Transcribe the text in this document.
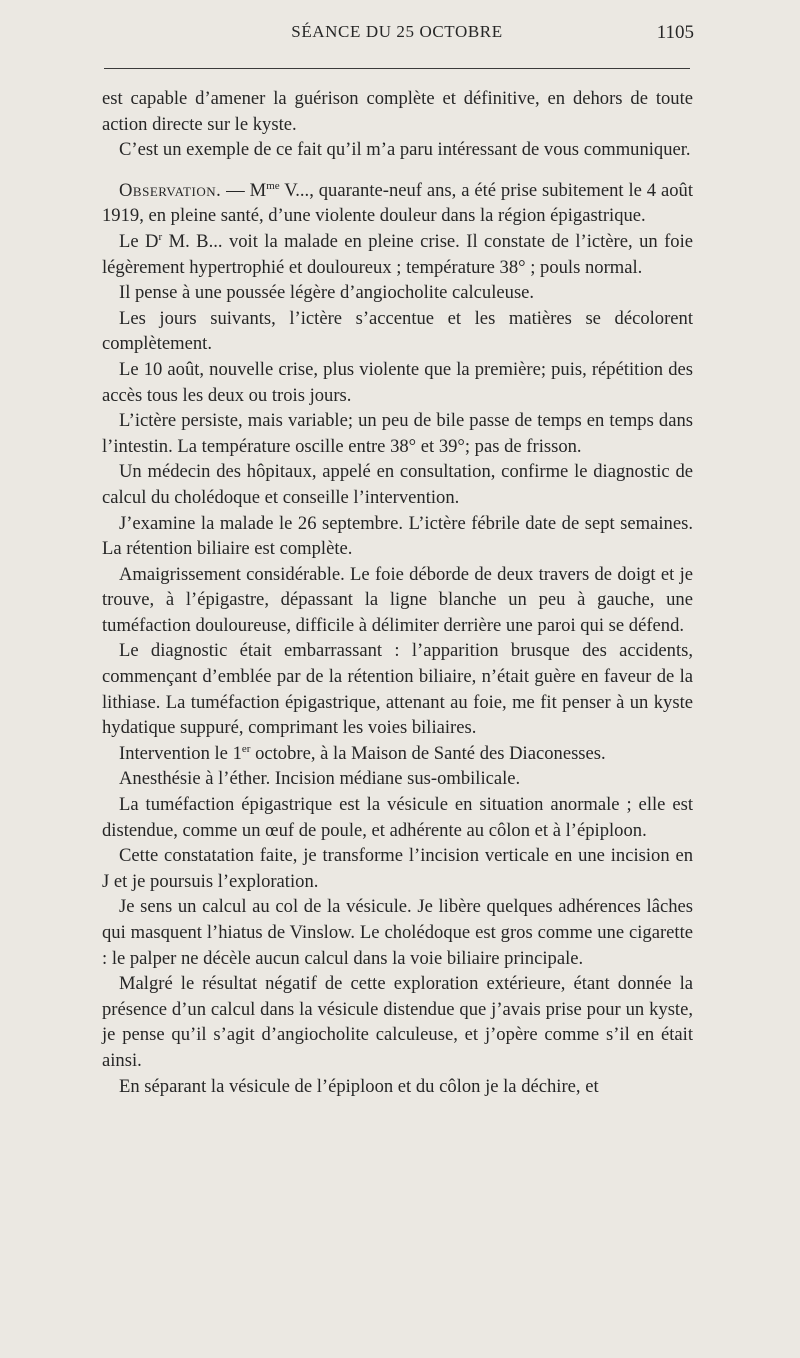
SÉANCE DU 25 OCTOBRE	1105

est capable d’amener la guérison complète et définitive, en dehors de toute action directe sur le kyste.

C’est un exemple de ce fait qu’il m’a paru intéressant de vous communiquer.

Observation. — $M^{me}$ V..., quarante-neuf ans, a été prise subitement le 4 août 1919, en pleine santé, d’une violente douleur dans la région épigastrique.

Le $D^r$ M. B... voit la malade en pleine crise. Il constate de l’ictère, un foie légèrement hypertrophié et douloureux ; température 38° ; pouls normal.

Il pense à une poussée légère d’angiocholite calculeuse.

Les jours suivants, l’ictère s’accentue et les matières se décolorent complètement.

Le 10 août, nouvelle crise, plus violente que la première; puis, répétition des accès tous les deux ou trois jours.

L’ictère persiste, mais variable; un peu de bile passe de temps en temps dans l’intestin. La température oscille entre 38° et 39°; pas de frisson.

Un médecin des hôpitaux, appelé en consultation, confirme le diagnostic de calcul du cholédoque et conseille l’intervention.

J’examine la malade le 26 septembre. L’ictère fébrile date de sept semaines. La rétention biliaire est complète.

Amaigrissement considérable. Le foie déborde de deux travers de doigt et je trouve, à l’épigastre, dépassant la ligne blanche un peu à gauche, une tuméfaction douloureuse, difficile à délimiter derrière une paroi qui se défend.

Le diagnostic était embarrassant : l’apparition brusque des accidents, commençant d’emblée par de la rétention biliaire, n’était guère en faveur de la lithiase. La tuméfaction épigastrique, attenant au foie, me fit penser à un kyste hydatique suppuré, comprimant les voies biliaires.

Intervention le 1er octobre, à la Maison de Santé des Diaconesses.

Anesthésie à l’éther. Incision médiane sus-ombilicale.

La tuméfaction épigastrique est la vésicule en situation anormale ; elle est distendue, comme un œuf de poule, et adhérente au côlon et à l’épiploon.

Cette constatation faite, je transforme l’incision verticale en une incision en J et je poursuis l’exploration.

Je sens un calcul au col de la vésicule. Je libère quelques adhérences lâches qui masquent l’hiatus de Vinslow. Le cholédoque est gros comme une cigarette : le palper ne décèle aucun calcul dans la voie biliaire principale.

Malgré le résultat négatif de cette exploration extérieure, étant donnée la présence d’un calcul dans la vésicule distendue que j’avais prise pour un kyste, je pense qu’il s’agit d’angiocholite calculeuse, et j’opère comme s’il en était ainsi.

En séparant la vésicule de l’épiploon et du côlon je la déchire, et
